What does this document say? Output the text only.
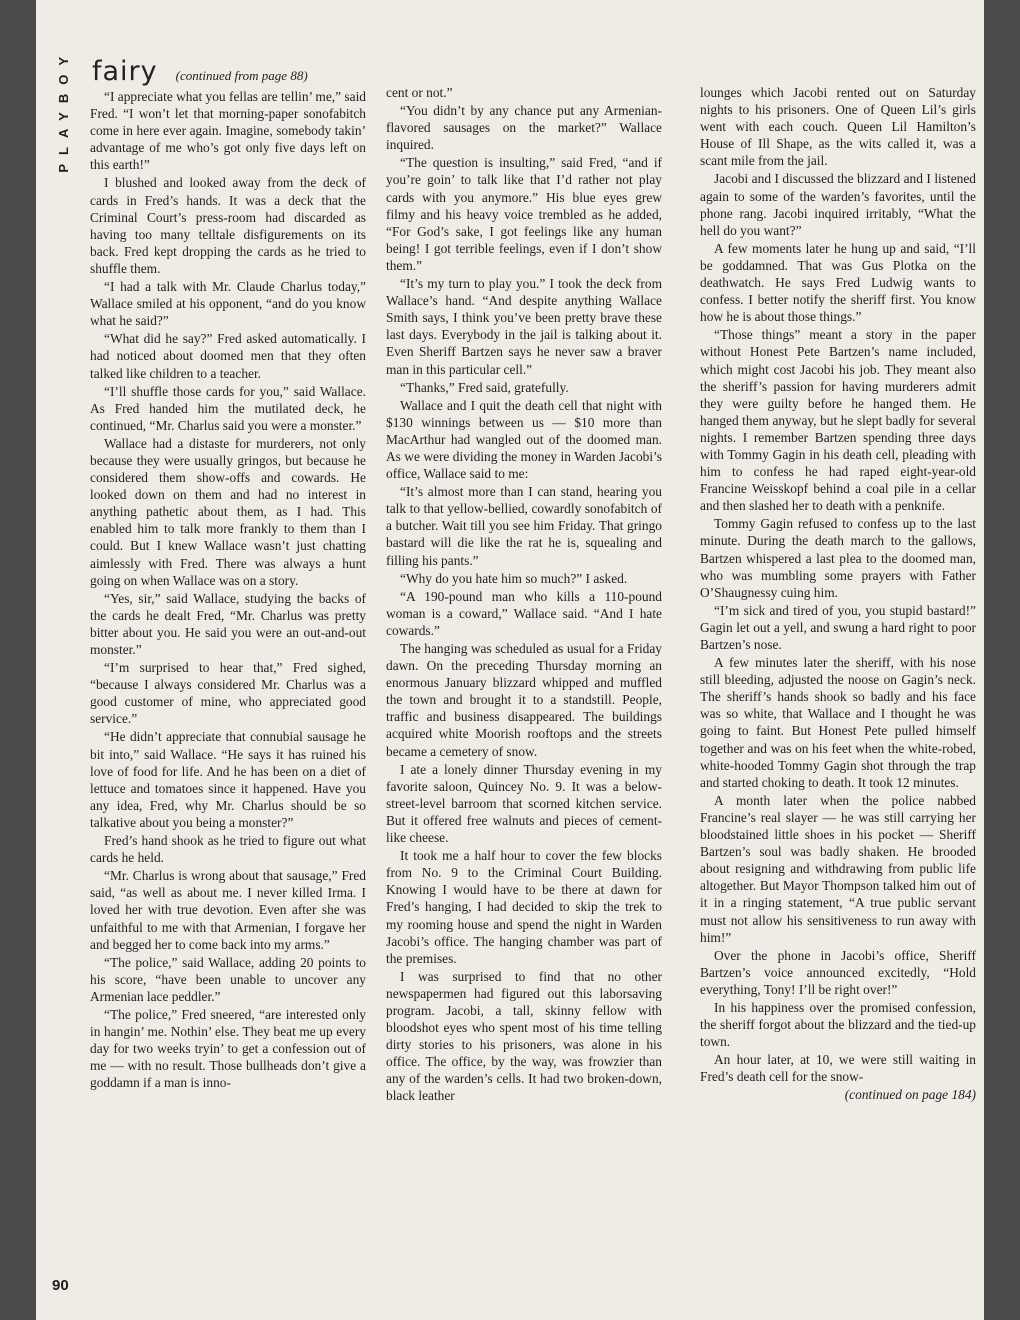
PLAYBOY fairy (continued from page 88)

“I appreciate what you fellas are tellin’ me,” said Fred. “I won’t let that morning-paper sonofabitch come in here ever again. Imagine, somebody takin’ advantage of me who’s got only five days left on this earth!”

I blushed and looked away from the deck of cards in Fred’s hands. It was a deck that the Criminal Court’s press-room had discarded as having too many telltale disfigurements on its back. Fred kept dropping the cards as he tried to shuffle them.

“I had a talk with Mr. Claude Charlus today,” Wallace smiled at his opponent, “and do you know what he said?”

“What did he say?” Fred asked automatically. I had noticed about doomed men that they often talked like children to a teacher.

“I’ll shuffle those cards for you,” said Wallace. As Fred handed him the mutilated deck, he continued, “Mr. Charlus said you were a monster.”

Wallace had a distaste for murderers, not only because they were usually gringos, but because he considered them show-offs and cowards. He looked down on them and had no interest in anything pathetic about them, as I had. This enabled him to talk more frankly to them than I could. But I knew Wallace wasn’t just chatting aimlessly with Fred. There was always a hunt going on when Wallace was on a story.

“Yes, sir,” said Wallace, studying the backs of the cards he dealt Fred, “Mr. Charlus was pretty bitter about you. He said you were an out-and-out monster.”

“I’m surprised to hear that,” Fred sighed, “because I always considered Mr. Charlus was a good customer of mine, who appreciated good service.”

“He didn’t appreciate that connubial sausage he bit into,” said Wallace. “He says it has ruined his love of food for life. And he has been on a diet of lettuce and tomatoes since it happened. Have you any idea, Fred, why Mr. Charlus should be so talkative about you being a monster?”

Fred’s hand shook as he tried to figure out what cards he held.

“Mr. Charlus is wrong about that sausage,” Fred said, “as well as about me. I never killed Irma. I loved her with true devotion. Even after she was unfaithful to me with that Armenian, I forgave her and begged her to come back into my arms.”

“The police,” said Wallace, adding 20 points to his score, “have been unable to uncover any Armenian lace peddler.”

“The police,” Fred sneered, “are interested only in hangin’ me. Nothin’ else. They beat me up every day for two weeks tryin’ to get a confession out of me — with no result. Those bullheads don’t give a goddamn if a man is inno-

cent or not.”

“You didn’t by any chance put any Armenian-flavored sausages on the market?” Wallace inquired.

“The question is insulting,” said Fred, “and if you’re goin’ to talk like that I’d rather not play cards with you anymore.” His blue eyes grew filmy and his heavy voice trembled as he added, “For God’s sake, I got feelings like any human being! I got terrible feelings, even if I don’t show them.”

“It’s my turn to play you.” I took the deck from Wallace’s hand. “And despite anything Wallace Smith says, I think you’ve been pretty brave these last days. Everybody in the jail is talking about it. Even Sheriff Bartzen says he never saw a braver man in this particular cell.”

“Thanks,” Fred said, gratefully.

Wallace and I quit the death cell that night with $130 winnings between us — $10 more than MacArthur had wangled out of the doomed man. As we were dividing the money in Warden Jacobi’s office, Wallace said to me:

“It’s almost more than I can stand, hearing you talk to that yellow-bellied, cowardly sonofabitch of a butcher. Wait till you see him Friday. That gringo bastard will die like the rat he is, squealing and filling his pants.”

“Why do you hate him so much?” I asked.

“A 190-pound man who kills a 110-pound woman is a coward,” Wallace said. “And I hate cowards.”

The hanging was scheduled as usual for a Friday dawn. On the preceding Thursday morning an enormous January blizzard whipped and muffled the town and brought it to a standstill. People, traffic and business disappeared. The buildings acquired white Moorish rooftops and the streets became a cemetery of snow.

I ate a lonely dinner Thursday evening in my favorite saloon, Quincey No. 9. It was a below-street-level barroom that scorned kitchen service. But it offered free walnuts and pieces of cement-like cheese.

It took me a half hour to cover the few blocks from No. 9 to the Criminal Court Building. Knowing I would have to be there at dawn for Fred’s hanging, I had decided to skip the trek to my rooming house and spend the night in Warden Jacobi’s office. The hanging chamber was part of the premises.

I was surprised to find that no other newspapermen had figured out this laborsaving program. Jacobi, a tall, skinny fellow with bloodshot eyes who spent most of his time telling dirty stories to his prisoners, was alone in his office. The office, by the way, was frowzier than any of the warden’s cells. It had two broken-down, black leather

lounges which Jacobi rented out on Saturday nights to his prisoners. One of Queen Lil’s girls went with each couch. Queen Lil Hamilton’s House of Ill Shape, as the wits called it, was a scant mile from the jail.

Jacobi and I discussed the blizzard and I listened again to some of the warden’s favorites, until the phone rang. Jacobi inquired irritably, “What the hell do you want?”

A few moments later he hung up and said, “I’ll be goddamned. That was Gus Plotka on the deathwatch. He says Fred Ludwig wants to confess. I better notify the sheriff first. You know how he is about those things.”

“Those things” meant a story in the paper without Honest Pete Bartzen’s name included, which might cost Jacobi his job. They meant also the sheriff’s passion for having murderers admit they were guilty before he hanged them. He hanged them anyway, but he slept badly for several nights. I remember Bartzen spending three days with Tommy Gagin in his death cell, pleading with him to confess he had raped eight-year-old Francine Weisskopf behind a coal pile in a cellar and then slashed her to death with a penknife.

Tommy Gagin refused to confess up to the last minute. During the death march to the gallows, Bartzen whispered a last plea to the doomed man, who was mumbling some prayers with Father O’Shaugnessy cuing him.

“I’m sick and tired of you, you stupid bastard!” Gagin let out a yell, and swung a hard right to poor Bartzen’s nose.

A few minutes later the sheriff, with his nose still bleeding, adjusted the noose on Gagin’s neck. The sheriff’s hands shook so badly and his face was so white, that Wallace and I thought he was going to faint. But Honest Pete pulled himself together and was on his feet when the white-robed, white-hooded Tommy Gagin shot through the trap and started choking to death. It took 12 minutes.

A month later when the police nabbed Francine’s real slayer — he was still carrying her bloodstained little shoes in his pocket — Sheriff Bartzen’s soul was badly shaken. He brooded about resigning and withdrawing from public life altogether. But Mayor Thompson talked him out of it in a ringing statement, “A true public servant must not allow his sensitiveness to run away with him!”

Over the phone in Jacobi’s office, Sheriff Bartzen’s voice announced excitedly, “Hold everything, Tony! I’ll be right over!”

In his happiness over the promised confession, the sheriff forgot about the blizzard and the tied-up town.

An hour later, at 10, we were still waiting in Fred’s death cell for the snow-

(continued on page 184)

90
